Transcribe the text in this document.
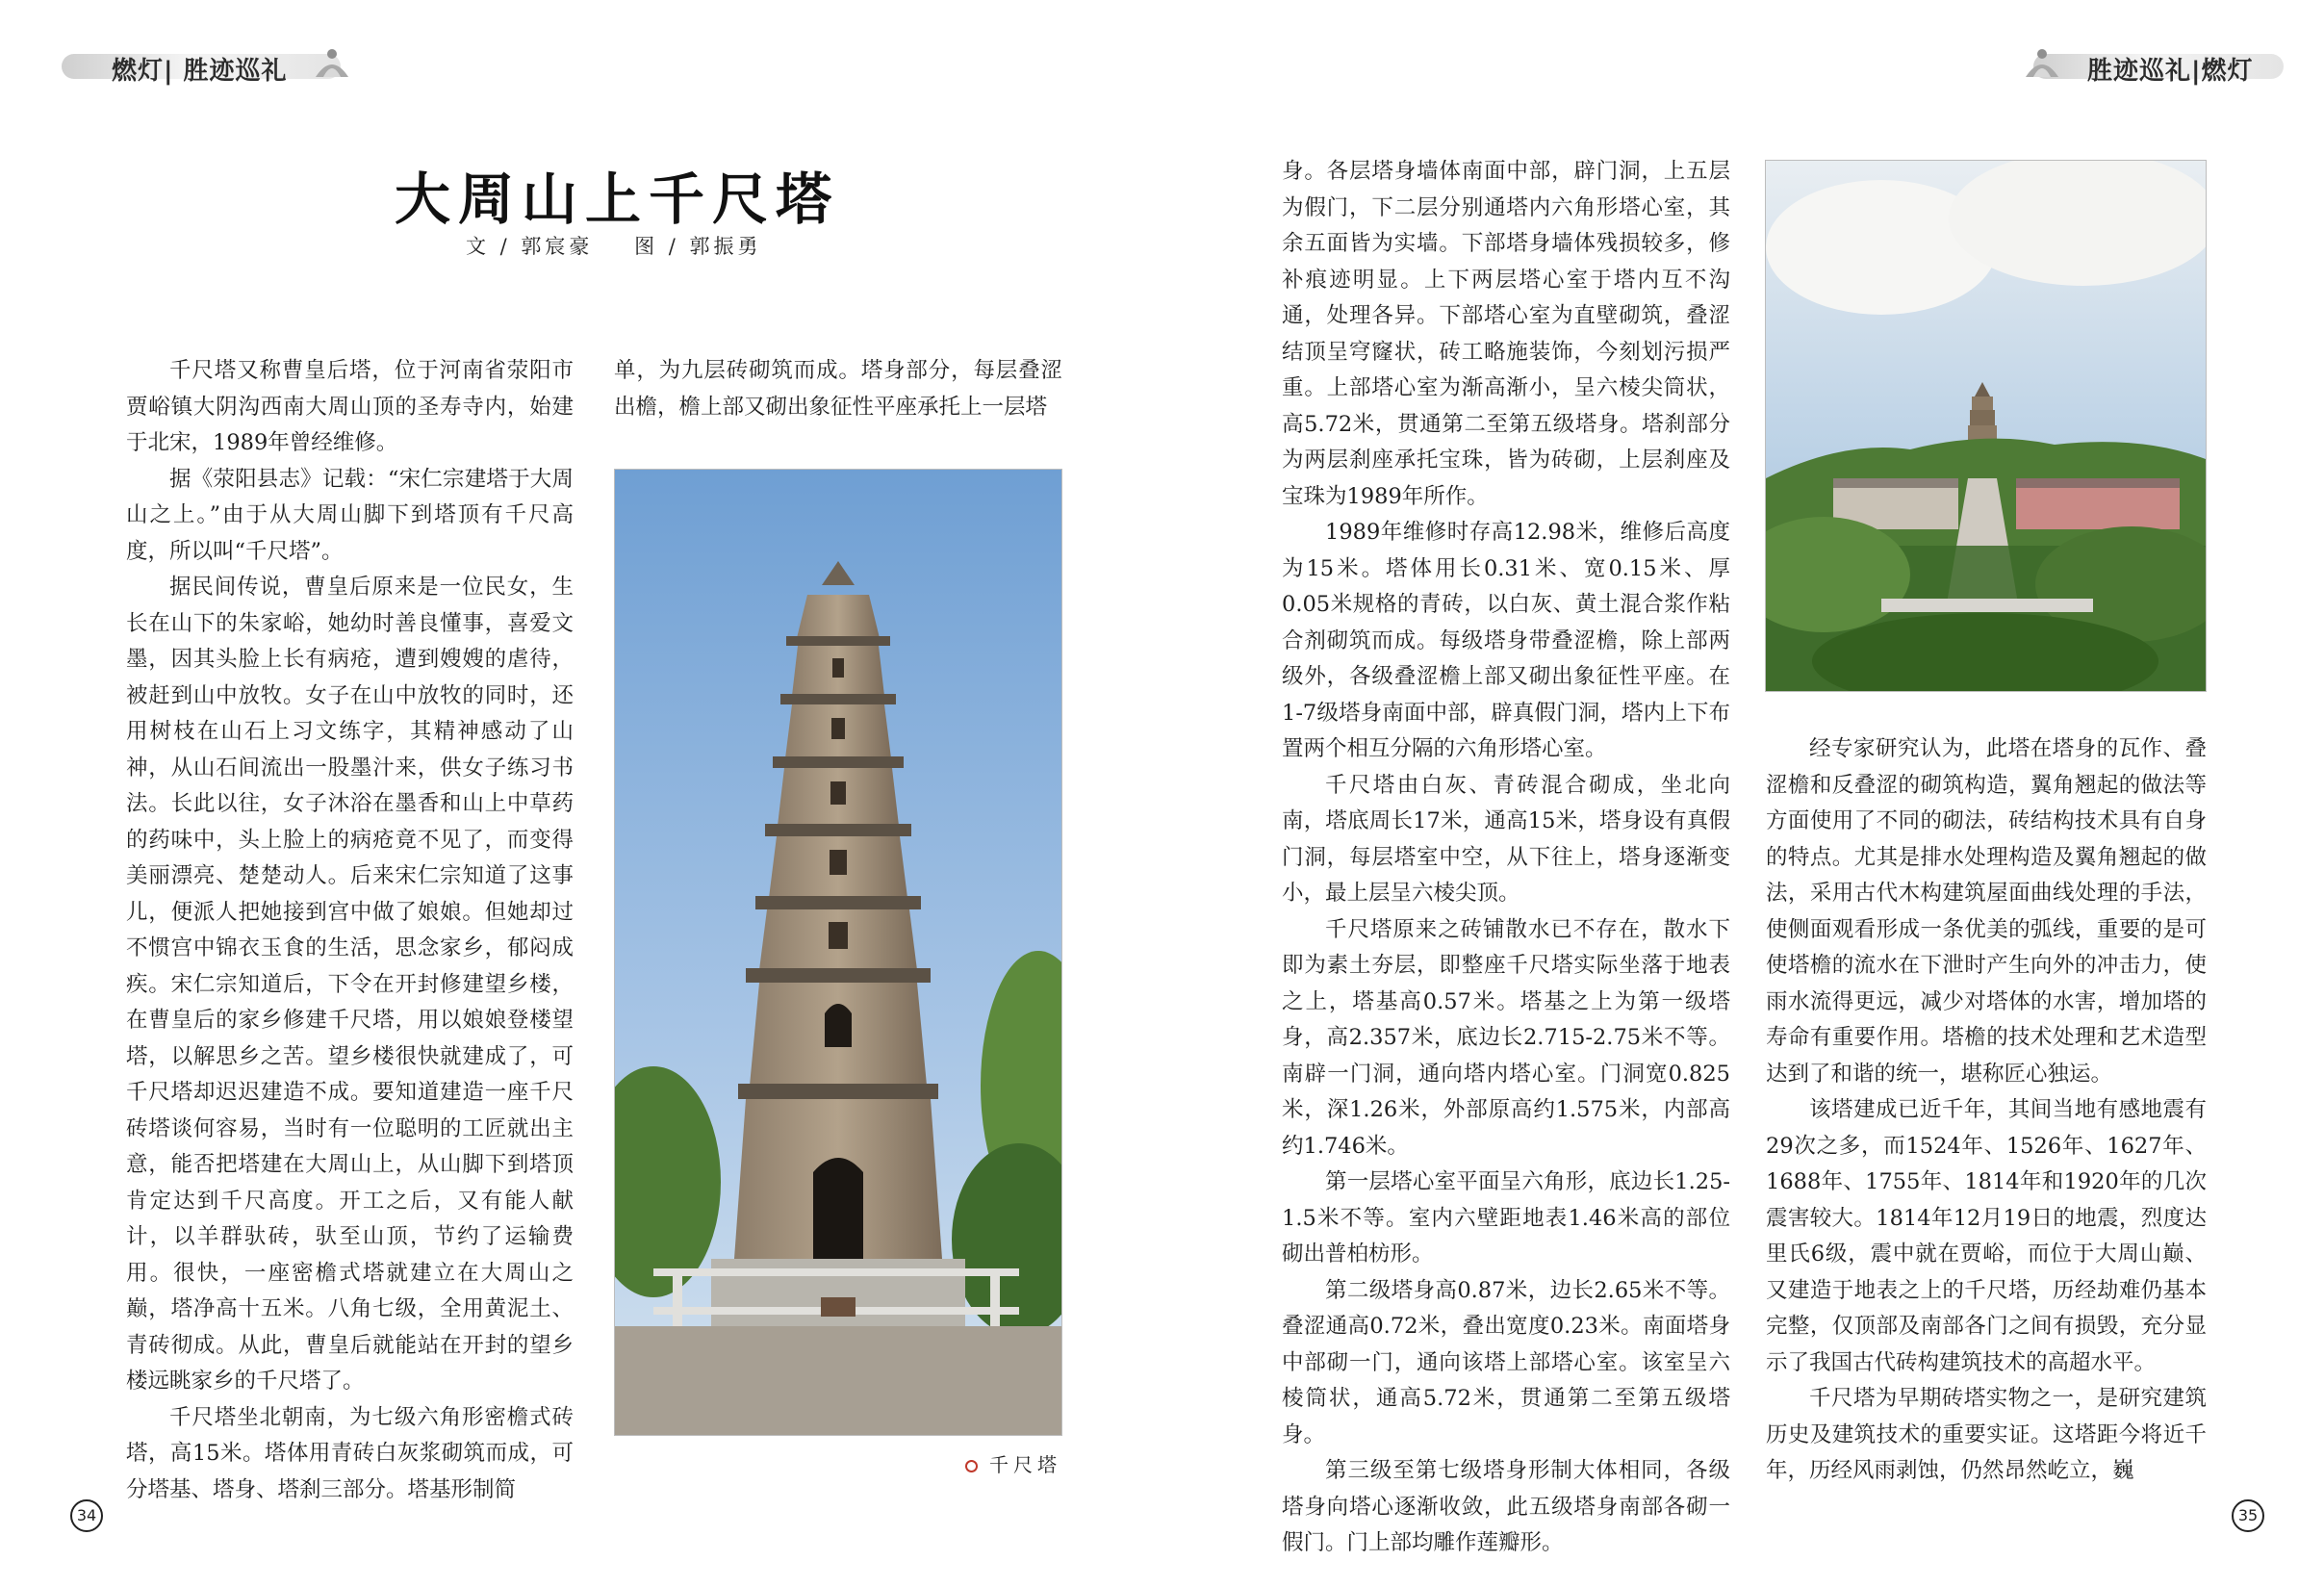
燃灯| 胜迹巡礼
大周山上千尺塔
文 / 郭宸豪    图 / 郭振勇

千尺塔又称曹皇后塔，位于河南省荥阳市贾峪镇大阴沟西南大周山顶的圣寿寺内，始建于北宋，1989年曾经维修。

据《荥阳县志》记载：“宋仁宗建塔于大周山之上。”由于从大周山脚下到塔顶有千尺高度，所以叫“千尺塔”。

据民间传说，曹皇后原来是一位民女，生长在山下的朱家峪，她幼时善良懂事，喜爱文墨，因其头脸上长有病疮，遭到嫂嫂的虐待，被赶到山中放牧。女子在山中放牧的同时，还用树枝在山石上习文练字，其精神感动了山神，从山石间流出一股墨汁来，供女子练习书法。长此以往，女子沐浴在墨香和山上中草药的药味中，头上脸上的病疮竟不见了，而变得美丽漂亮、楚楚动人。后来宋仁宗知道了这事儿，便派人把她接到宫中做了娘娘。但她却过不惯宫中锦衣玉食的生活，思念家乡，郁闷成疾。宋仁宗知道后，下令在开封修建望乡楼，在曹皇后的家乡修建千尺塔，用以娘娘登楼望塔，以解思乡之苦。望乡楼很快就建成了，可千尺塔却迟迟建造不成。要知道建造一座千尺砖塔谈何容易，当时有一位聪明的工匠就出主意，能否把塔建在大周山上，从山脚下到塔顶肯定达到千尺高度。开工之后，又有能人献计，以羊群驮砖，驮至山顶，节约了运输费用。很快，一座密檐式塔就建立在大周山之巅，塔净高十五米。八角七级，全用黄泥土、青砖彻成。从此，曹皇后就能站在开封的望乡楼远眺家乡的千尺塔了。

千尺塔坐北朝南，为七级六角形密檐式砖塔，高15米。塔体用青砖白灰浆砌筑而成，可分塔基、塔身、塔刹三部分。塔基形制简

单，为九层砖砌筑而成。塔身部分，每层叠涩出檐，檐上部又砌出象征性平座承托上一层塔

千尺塔
34
胜迹巡礼|燃灯

身。各层塔身墙体南面中部，辟门洞，上五层为假门，下二层分别通塔内六角形塔心室，其余五面皆为实墙。下部塔身墙体残损较多，修补痕迹明显。上下两层塔心室于塔内互不沟通，处理各异。下部塔心室为直壁砌筑，叠涩结顶呈穹窿状，砖工略施装饰，今刻划污损严重。上部塔心室为渐高渐小，呈六棱尖筒状，高5.72米，贯通第二至第五级塔身。塔刹部分为两层刹座承托宝珠，皆为砖砌，上层刹座及宝珠为1989年所作。

1989年维修时存高12.98米，维修后高度为15米。塔体用长0.31米、宽0.15米、厚0.05米规格的青砖，以白灰、黄土混合浆作粘合剂砌筑而成。每级塔身带叠涩檐，除上部两级外，各级叠涩檐上部又砌出象征性平座。在1-7级塔身南面中部，辟真假门洞，塔内上下布置两个相互分隔的六角形塔心室。

千尺塔由白灰、青砖混合砌成，坐北向南，塔底周长17米，通高15米，塔身设有真假门洞，每层塔室中空，从下往上，塔身逐渐变小，最上层呈六棱尖顶。

千尺塔原来之砖铺散水已不存在，散水下即为素土夯层，即整座千尺塔实际坐落于地表之上，塔基高0.57米。塔基之上为第一级塔身，高2.357米，底边长2.715-2.75米不等。南辟一门洞，通向塔内塔心室。门洞宽0.825米，深1.26米，外部原高约1.575米，内部高约1.746米。

第一层塔心室平面呈六角形，底边长1.25-1.5米不等。室内六壁距地表1.46米高的部位砌出普柏枋形。

第二级塔身高0.87米，边长2.65米不等。叠涩通高0.72米，叠出宽度0.23米。南面塔身中部砌一门，通向该塔上部塔心室。该室呈六棱筒状，通高5.72米，贯通第二至第五级塔身。

第三级至第七级塔身形制大体相同，各级塔身向塔心逐渐收敛，此五级塔身南部各砌一假门。门上部均雕作莲瓣形。

经专家研究认为，此塔在塔身的瓦作、叠涩檐和反叠涩的砌筑构造，翼角翘起的做法等方面使用了不同的砌法，砖结构技术具有自身的特点。尤其是排水处理构造及翼角翘起的做法，采用古代木构建筑屋面曲线处理的手法，使侧面观看形成一条优美的弧线，重要的是可使塔檐的流水在下泄时产生向外的冲击力，使雨水流得更远，减少对塔体的水害，增加塔的寿命有重要作用。塔檐的技术处理和艺术造型达到了和谐的统一，堪称匠心独运。

该塔建成已近千年，其间当地有感地震有29次之多，而1524年、1526年、1627年、1688年、1755年、1814年和1920年的几次震害较大。1814年12月19日的地震，烈度达里氏6级，震中就在贾峪，而位于大周山巅、又建造于地表之上的千尺塔，历经劫难仍基本完整，仅顶部及南部各门之间有损毁，充分显示了我国古代砖构建筑技术的高超水平。

千尺塔为早期砖塔实物之一，是研究建筑历史及建筑技术的重要实证。这塔距今将近千年，历经风雨剥蚀，仍然昂然屹立，巍

35
